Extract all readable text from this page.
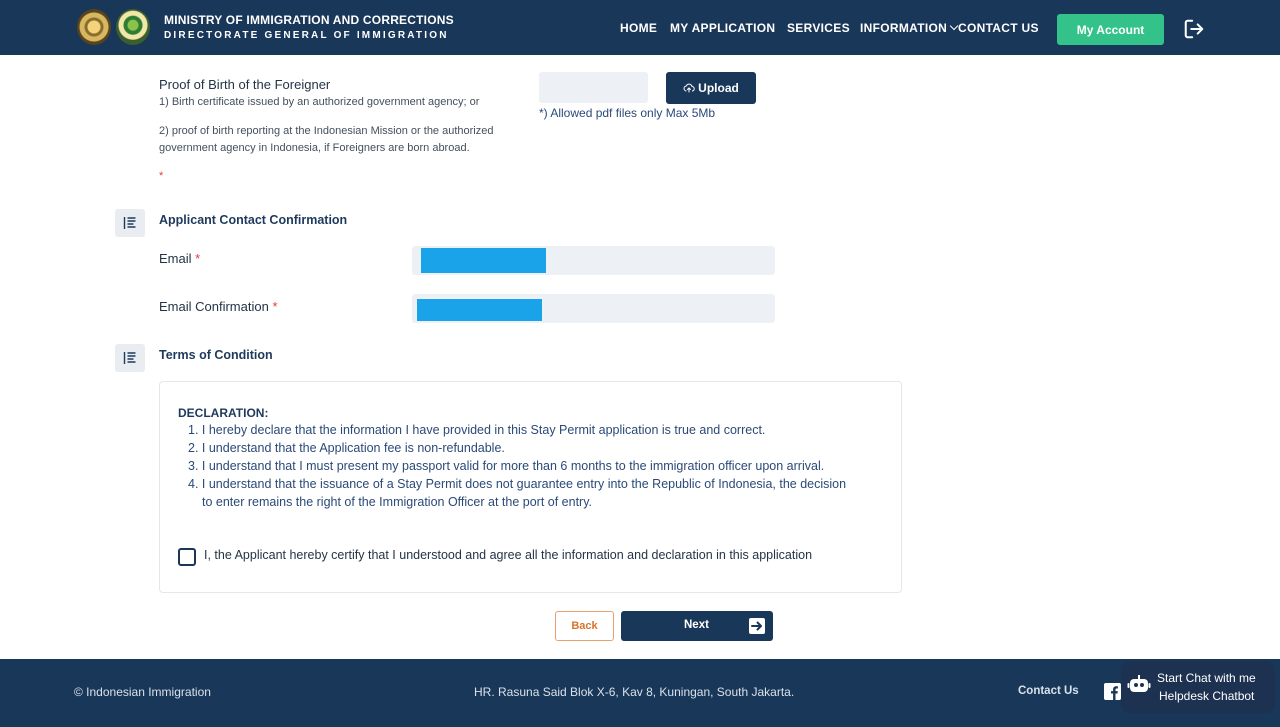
MINISTRY OF IMMIGRATION AND CORRECTIONS
DIRECTORATE GENERAL OF IMMIGRATION
HOME MY APPLICATION SERVICES INFORMATION CONTACT US	My Account
Proof of Birth of the Foreigner
1) Birth certificate issued by an authorized government agency; or
2) proof of birth reporting at the Indonesian Mission or the authorized
government agency in Indonesia, if Foreigners are born abroad.
*
Upload
*) Allowed pdf files only Max 5Mb
Applicant Contact Confirmation
Email *
Email Confirmation *
Terms of Condition
DECLARATION:
1. I hereby declare that the information I have provided in this Stay Permit application is true and correct.
2. I understand that the Application fee is non-refundable.
3. I understand that I must present my passport valid for more than 6 months to the immigration officer upon arrival.
4. I understand that the issuance of a Stay Permit does not guarantee entry into the Republic of Indonesia, the decision
to enter remains the right of the Immigration Officer at the port of entry.
I, the Applicant hereby certify that I understood and agree all the information and declaration in this application
Back	Next
© Indonesian Immigration	HR. Rasuna Said Blok X-6, Kav 8, Kuningan, South Jakarta.	Contact Us
Start Chat with me
Helpdesk Chatbot
